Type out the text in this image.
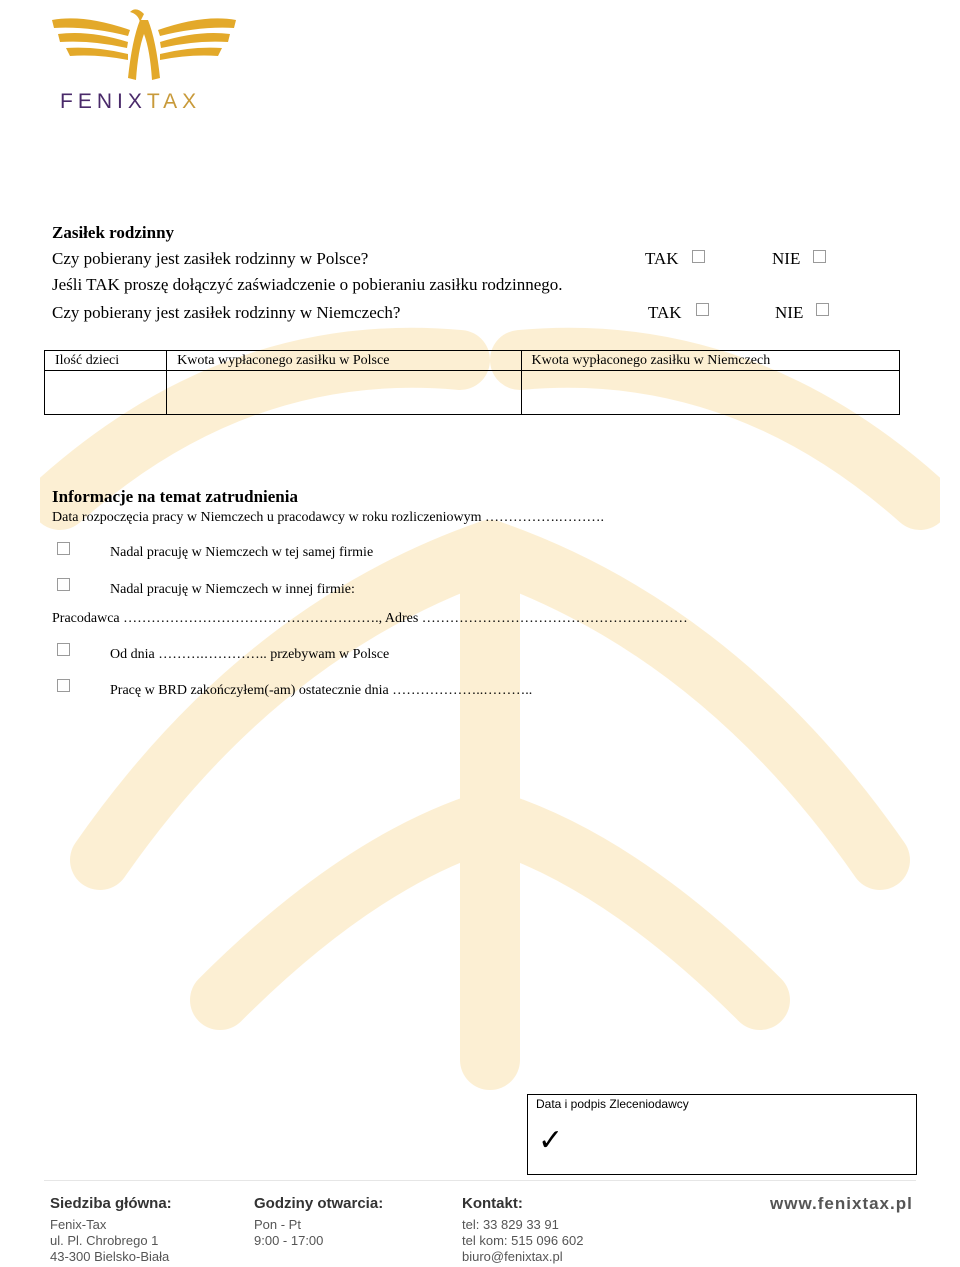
FENIXTAX
Zasiłek rodzinny
Czy pobierany jest zasiłek rodzinny w Polsce?	TAK	NIE
Jeśli TAK proszę dołączyć zaświadczenie o pobieraniu zasiłku rodzinnego.
Czy pobierany jest zasiłek rodzinny w Niemczech?	TAK	NIE
Ilość dzieci	Kwota wypłaconego zasiłku w Polsce	Kwota wypłaconego zasiłku w Niemczech

Informacje na temat zatrudnienia
Data rozpoczęcia pracy w Niemczech u pracodawcy w roku rozliczeniowym …………….……….
Nadal pracuję w Niemczech w tej samej firmie
Nadal pracuję w Niemczech w innej firmie:
Pracodawca ………………………………………………., Adres …………………………………………………
Od dnia ……….………….. przebywam w Polsce
Pracę w BRD zakończyłem(-am) ostatecznie dnia ………………..………..
Data i podpis Zleceniodawcy
✓
Siedziba główna:
Fenix-Tax
ul. Pl. Chrobrego 1
43-300 Bielsko-Biała
Godziny otwarcia:
Pon - Pt
9:00 - 17:00
Kontakt:
tel: 33 829 33 91
tel kom: 515 096 602
biuro@fenixtax.pl
www.fenixtax.pl
